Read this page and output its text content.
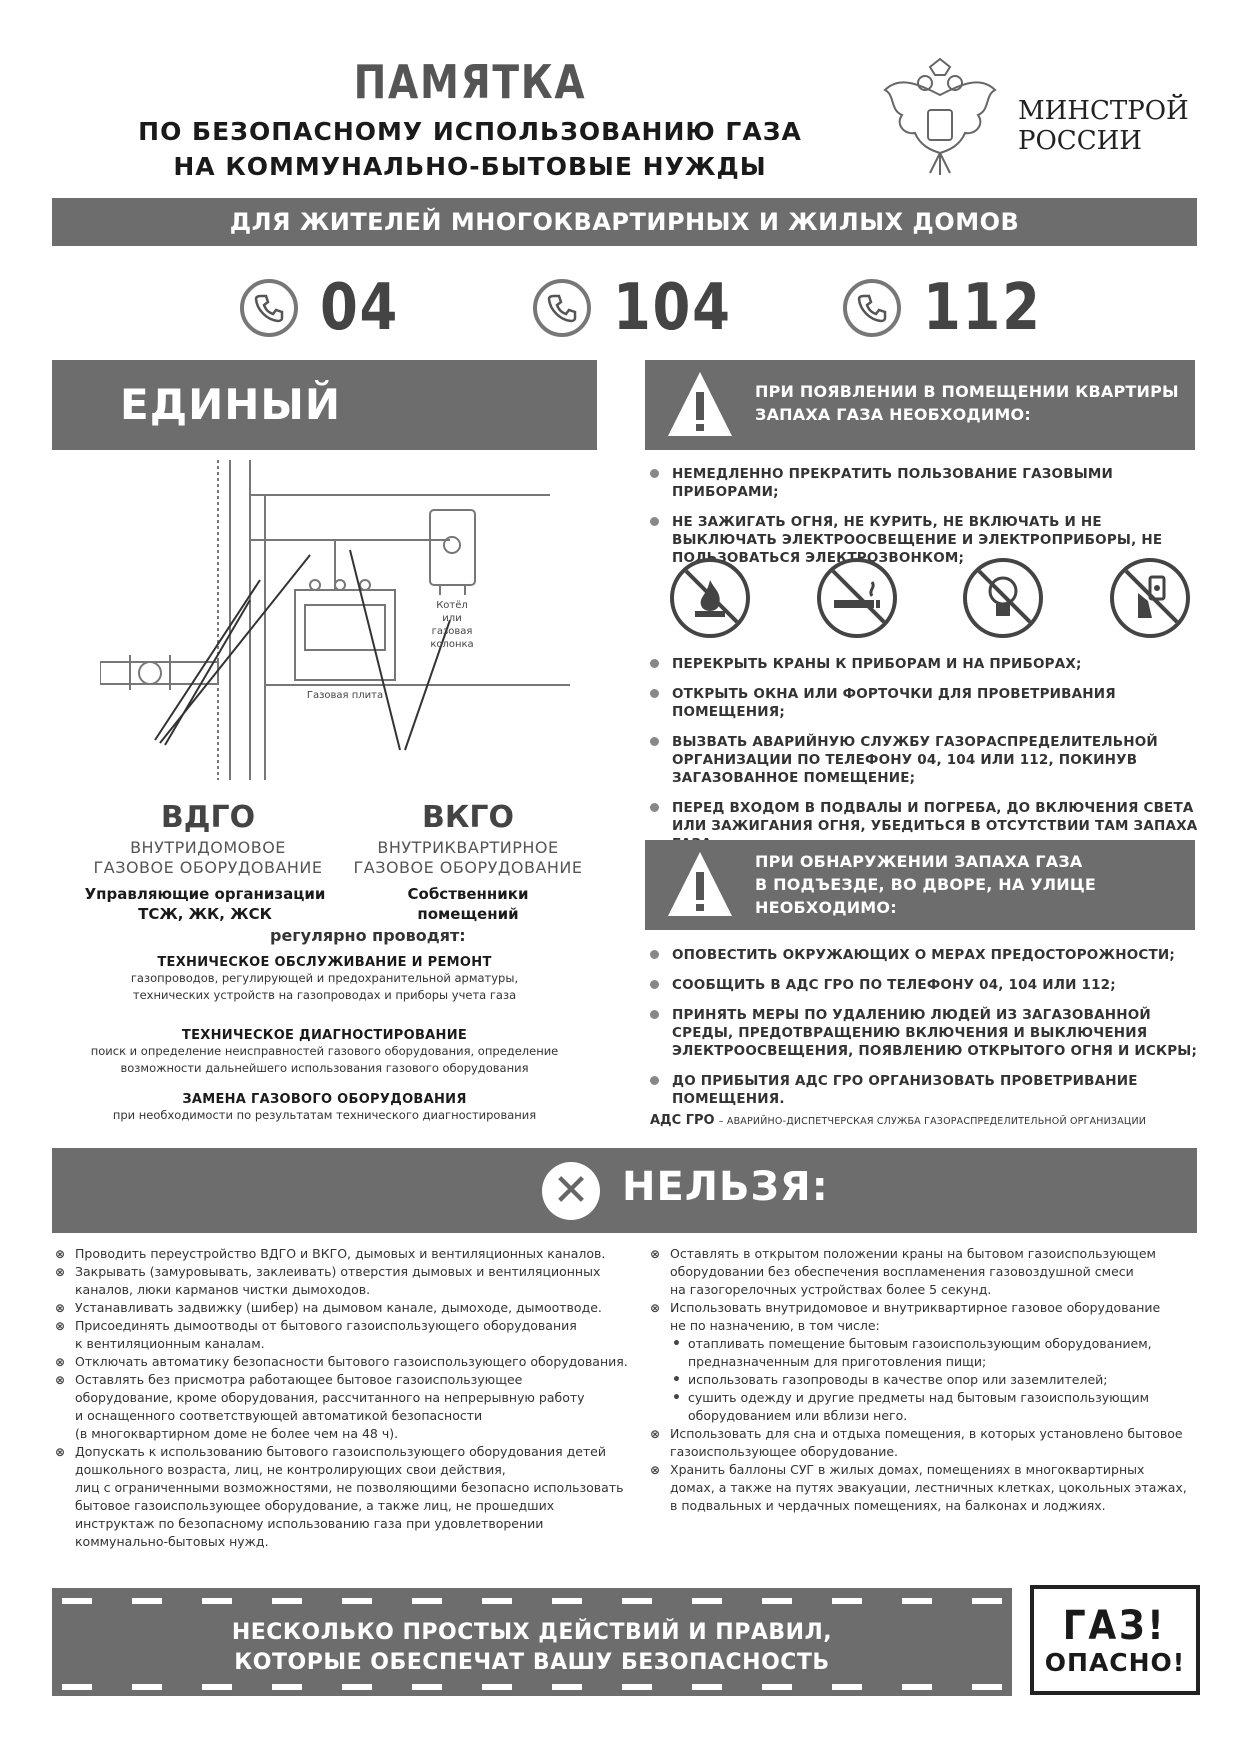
ПАМЯТКА
ПО БЕЗОПАСНОМУ ИСПОЛЬЗОВАНИЮ ГАЗА
НА КОММУНАЛЬНО-БЫТОВЫЕ НУЖДЫ
МИНСТРОЙ
РОССИИ
ДЛЯ ЖИТЕЛЕЙ МНОГОКВАРТИРНЫХ И ЖИЛЫХ ДОМОВ
04	104	112
ЕДИНЫЙ ДОГОВОР
Котёл
или
газовая
колонка
Газовая плита
ВДГО
ВНУТРИДОМОВОЕ
ГАЗОВОЕ ОБОРУДОВАНИЕ
Управляющие организации
ТСЖ, ЖК, ЖСК
ВКГО
ВНУТРИКВАРТИРНОЕ
ГАЗОВОЕ ОБОРУДОВАНИЕ
Собственники
помещений
регулярно проводят:
ТЕХНИЧЕСКОЕ ОБСЛУЖИВАНИЕ И РЕМОНТ
газопроводов, регулирующей и предохранительной арматуры,
технических устройств на газопроводах и приборы учета газа
ТЕХНИЧЕСКОЕ ДИАГНОСТИРОВАНИЕ
поиск и определение неисправностей газового оборудования, определение
возможности дальнейшего использования газового оборудования
ЗАМЕНА ГАЗОВОГО ОБОРУДОВАНИЯ
при необходимости по результатам технического диагностирования
ПРИ ПОЯВЛЕНИИ В ПОМЕЩЕНИИ КВАРТИРЫ
ЗАПАХА ГАЗА НЕОБХОДИМО:
НЕМЕДЛЕННО ПРЕКРАТИТЬ ПОЛЬЗОВАНИЕ ГАЗОВЫМИ ПРИБОРАМИ;
НЕ ЗАЖИГАТЬ ОГНЯ, НЕ КУРИТЬ, НЕ ВКЛЮЧАТЬ И НЕ ВЫКЛЮЧАТЬ ЭЛЕКТРООСВЕЩЕНИЕ И ЭЛЕКТРОПРИБОРЫ, НЕ ПОЛЬЗОВАТЬСЯ ЭЛЕКТРОЗВОНКОМ;
ПЕРЕКРЫТЬ КРАНЫ К ПРИБОРАМ И НА ПРИБОРАХ;
ОТКРЫТЬ ОКНА ИЛИ ФОРТОЧКИ ДЛЯ ПРОВЕТРИВАНИЯ ПОМЕЩЕНИЯ;
ВЫЗВАТЬ АВАРИЙНУЮ СЛУЖБУ ГАЗОРАСПРЕДЕЛИТЕЛЬНОЙ ОРГАНИЗАЦИИ ПО ТЕЛЕФОНУ 04, 104 ИЛИ 112, ПОКИНУВ ЗАГАЗОВАННОЕ ПОМЕЩЕНИЕ;
ПЕРЕД ВХОДОМ В ПОДВАЛЫ И ПОГРЕБА, ДО ВКЛЮЧЕНИЯ СВЕТА ИЛИ ЗАЖИГАНИЯ ОГНЯ, УБЕДИТЬСЯ В ОТСУТСТВИИ ТАМ ЗАПАХА
ПРИ ОБНАРУЖЕНИИ ЗАПАХА ГАЗА
В ПОДЪЕЗДЕ, ВО ДВОРЕ, НА УЛИЦЕ
НЕОБХОДИМО:
ОПОВЕСТИТЬ ОКРУЖАЮЩИХ О МЕРАХ ПРЕДОСТОРОЖНОСТИ;
СООБЩИТЬ В АДС ГРО ПО ТЕЛЕФОНУ 04, 104 ИЛИ 112;
ПРИНЯТЬ МЕРЫ ПО УДАЛЕНИЮ ЛЮДЕЙ ИЗ ЗАГАЗОВАННОЙ СРЕДЫ, ПРЕДОТВРАЩЕНИЮ ВКЛЮЧЕНИЯ И ВЫКЛЮЧЕНИЯ ЭЛЕКТРООСВЕЩЕНИЯ, ПОЯВЛЕНИЮ ОТКРЫТОГО ОГНЯ И ИСКРЫ;
ДО ПРИБЫТИЯ АДС ГРО ОРГАНИЗОВАТЬ ПРОВЕТРИВАНИЕ ПОМЕЩЕНИЯ.
АДС ГРО – АВАРИЙНО-ДИСПЕТЧЕРСКАЯ СЛУЖБА ГАЗОРАСПРЕДЕЛИТЕЛЬНОЙ ОРГАНИЗАЦИИ
✕ НЕЛЬЗЯ:
⊗ Проводить переустройство ВДГО и ВКГО, дымовых и вентиляционных каналов.
⊗ Закрывать (замуровывать, заклеивать) отверстия дымовых и вентиляционных
каналов, люки карманов чистки дымоходов.
⊗ Устанавливать задвижку (шибер) на дымовом канале, дымоходе, дымоотводе.
⊗ Присоединять дымоотводы от бытового газоиспользующего оборудования
к вентиляционным каналам.
⊗ Отключать автоматику безопасности бытового газоиспользующего оборудования.
⊗ Оставлять без присмотра работающее бытовое газоиспользующее
оборудование, кроме оборудования, рассчитанного на непрерывную работу
и оснащенного соответствующей автоматикой безопасности
(в многоквартирном доме не более чем на 48 ч).
⊗ Допускать к использованию бытового газоиспользующего оборудования детей
дошкольного возраста, лиц, не контролирующих свои действия,
лиц с ограниченными возможностями, не позволяющими безопасно использовать
бытовое газоиспользующее оборудование, а также лиц, не прошедших
инструктаж по безопасному использованию газа при удовлетворении
коммунально-бытовых нужд.
⊗ Оставлять в открытом положении краны на бытовом газоиспользующем
оборудовании без обеспечения воспламенения газовоздушной смеси
на газогорелочных устройствах более 5 секунд.
⊗ Использовать внутридомовое и внутриквартирное газовое оборудование
не по назначению, в том числе:
• отапливать помещение бытовым газоиспользующим оборудованием,
предназначенным для приготовления пищи;
• использовать газопроводы в качестве опор или заземлителей;
• сушить одежду и другие предметы над бытовым газоиспользующим
оборудованием или вблизи него.
⊗ Использовать для сна и отдыха помещения, в которых установлено бытовое
газоиспользующее оборудование.
⊗ Хранить баллоны СУГ в жилых домах, помещениях в многоквартирных
домах, а также на путях эвакуации, лестничных клетках, цокольных этажах,
в подвальных и чердачных помещениях, на балконах и лоджиях.
НЕСКОЛЬКО ПРОСТЫХ ДЕЙСТВИЙ И ПРАВИЛ,
КОТОРЫЕ ОБЕСПЕЧАТ ВАШУ БЕЗОПАСНОСТЬ
ГАЗ!
ОПАСНО!
